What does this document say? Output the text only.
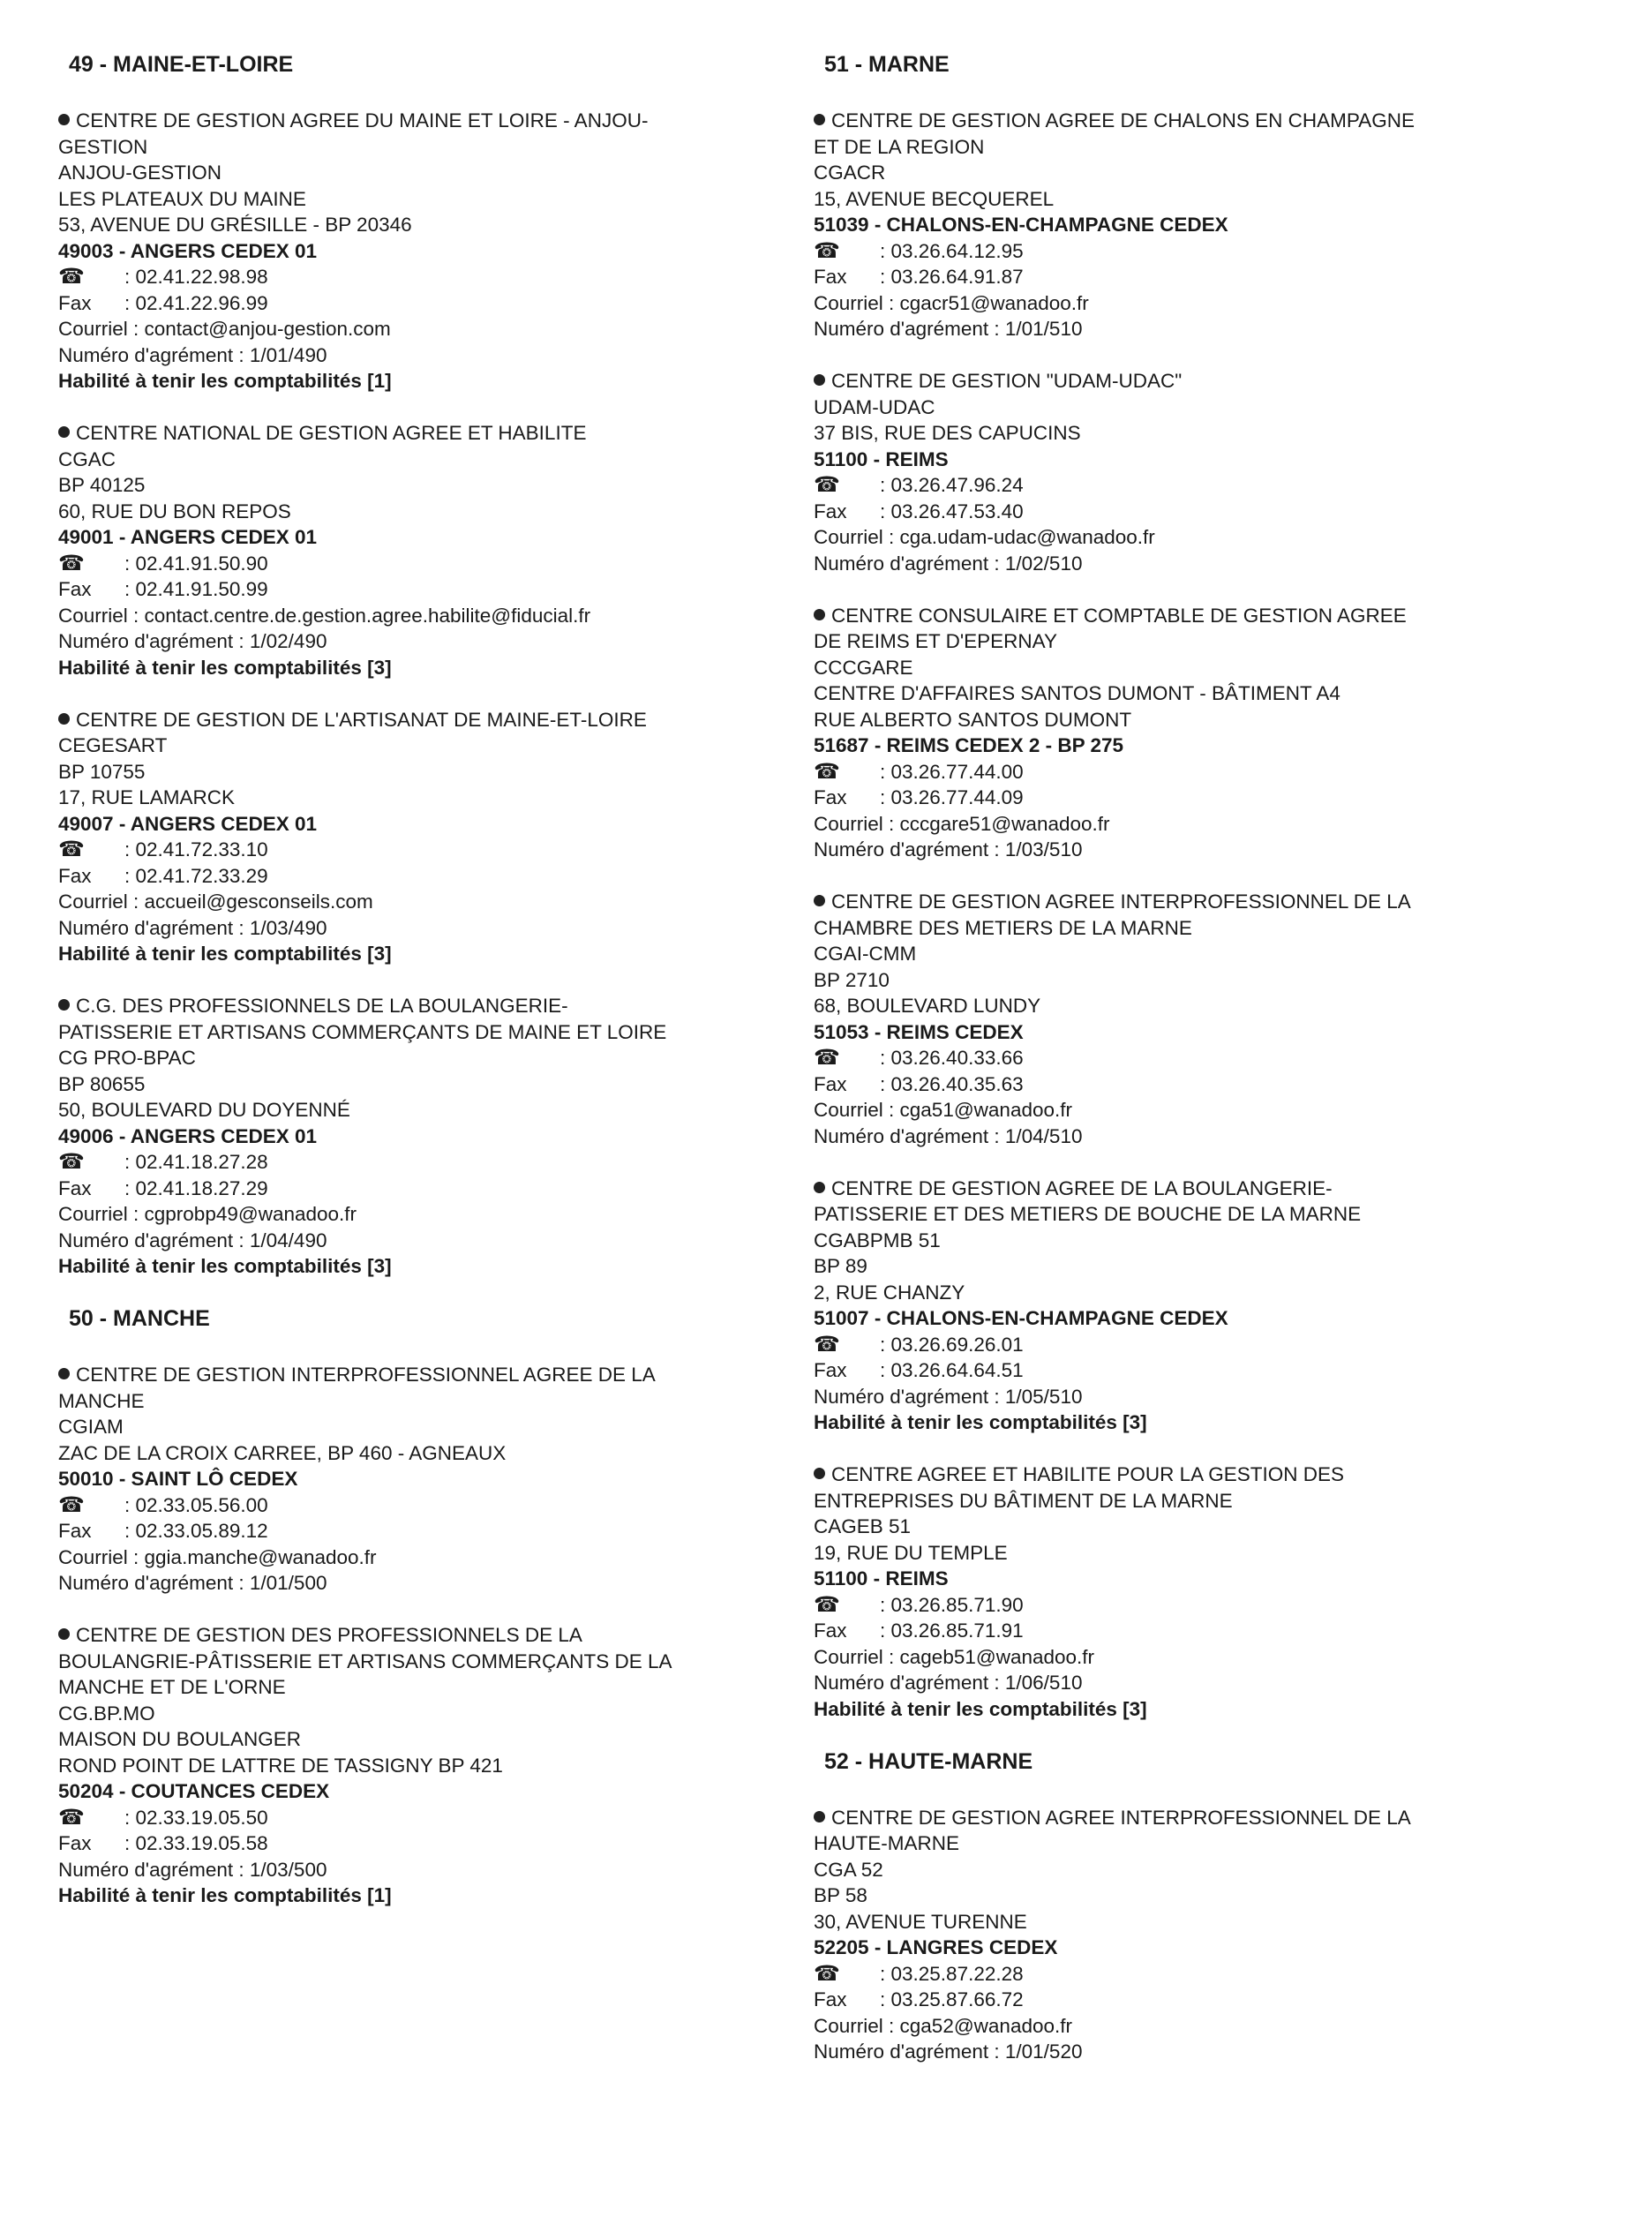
49 - MAINE-ET-LOIRE
CENTRE DE GESTION AGREE DU MAINE ET LOIRE - ANJOU-
GESTION
ANJOU-GESTION
LES PLATEAUX DU MAINE
53, AVENUE DU GRÉSILLE - BP 20346
49003 - ANGERS CEDEX 01
☎ : 02.41.22.98.98
Fax : 02.41.22.96.99
Courriel : contact@anjou-gestion.com
Numéro d'agrément : 1/01/490
Habilité à tenir les comptabilités [1]
CENTRE NATIONAL DE GESTION AGREE ET HABILITE
CGAC
BP 40125
60, RUE DU BON REPOS
49001 - ANGERS CEDEX 01
☎ : 02.41.91.50.90
Fax : 02.41.91.50.99
Courriel : contact.centre.de.gestion.agree.habilite@fiducial.fr
Numéro d'agrément : 1/02/490
Habilité à tenir les comptabilités [3]
CENTRE DE GESTION DE L'ARTISANAT DE MAINE-ET-LOIRE
CEGESART
BP 10755
17, RUE LAMARCK
49007 - ANGERS CEDEX 01
☎ : 02.41.72.33.10
Fax : 02.41.72.33.29
Courriel : accueil@gesconseils.com
Numéro d'agrément : 1/03/490
Habilité à tenir les comptabilités [3]
C.G. DES PROFESSIONNELS DE LA BOULANGERIE-
PATISSERIE ET ARTISANS COMMERÇANTS DE MAINE ET LOIRE
CG PRO-BPAC
BP 80655
50, BOULEVARD DU DOYENNÉ
49006 - ANGERS CEDEX 01
☎ : 02.41.18.27.28
Fax : 02.41.18.27.29
Courriel : cgprobp49@wanadoo.fr
Numéro d'agrément : 1/04/490
Habilité à tenir les comptabilités [3]
50 - MANCHE
CENTRE DE GESTION INTERPROFESSIONNEL AGREE DE LA
MANCHE
CGIAM
ZAC DE LA CROIX CARREE, BP 460 - AGNEAUX
50010 - SAINT LÔ CEDEX
☎ : 02.33.05.56.00
Fax : 02.33.05.89.12
Courriel : ggia.manche@wanadoo.fr
Numéro d'agrément : 1/01/500
CENTRE DE GESTION DES PROFESSIONNELS DE LA
BOULANGRIE-PÂTISSERIE ET ARTISANS COMMERÇANTS DE LA
MANCHE ET DE L'ORNE
CG.BP.MO
MAISON DU BOULANGER
ROND POINT DE LATTRE DE TASSIGNY BP 421
50204 - COUTANCES CEDEX
☎ : 02.33.19.05.50
Fax : 02.33.19.05.58
Numéro d'agrément : 1/03/500
Habilité à tenir les comptabilités [1]
51 - MARNE
CENTRE DE GESTION AGREE DE CHALONS EN CHAMPAGNE
ET DE LA REGION
CGACR
15, AVENUE BECQUEREL
51039 - CHALONS-EN-CHAMPAGNE CEDEX
☎ : 03.26.64.12.95
Fax : 03.26.64.91.87
Courriel : cgacr51@wanadoo.fr
Numéro d'agrément : 1/01/510
CENTRE DE GESTION "UDAM-UDAC"
UDAM-UDAC
37 BIS, RUE DES CAPUCINS
51100 - REIMS
☎ : 03.26.47.96.24
Fax : 03.26.47.53.40
Courriel : cga.udam-udac@wanadoo.fr
Numéro d'agrément : 1/02/510
CENTRE CONSULAIRE ET COMPTABLE DE GESTION AGREE
DE REIMS ET D'EPERNAY
CCCGARE
CENTRE D'AFFAIRES SANTOS DUMONT - BÂTIMENT A4
RUE ALBERTO SANTOS DUMONT
51687 - REIMS CEDEX 2 - BP 275
☎ : 03.26.77.44.00
Fax : 03.26.77.44.09
Courriel : cccgare51@wanadoo.fr
Numéro d'agrément : 1/03/510
CENTRE DE GESTION AGREE INTERPROFESSIONNEL DE LA
CHAMBRE DES METIERS DE LA MARNE
CGAI-CMM
BP 2710
68, BOULEVARD LUNDY
51053 - REIMS CEDEX
☎ : 03.26.40.33.66
Fax : 03.26.40.35.63
Courriel : cga51@wanadoo.fr
Numéro d'agrément : 1/04/510
CENTRE DE GESTION AGREE DE LA BOULANGERIE-
PATISSERIE ET DES METIERS DE BOUCHE DE LA MARNE
CGABPMB 51
BP 89
2, RUE CHANZY
51007 - CHALONS-EN-CHAMPAGNE CEDEX
☎ : 03.26.69.26.01
Fax : 03.26.64.64.51
Numéro d'agrément : 1/05/510
Habilité à tenir les comptabilités [3]
CENTRE AGREE ET HABILITE POUR LA GESTION DES
ENTREPRISES DU BÂTIMENT DE LA MARNE
CAGEB 51
19, RUE DU TEMPLE
51100 - REIMS
☎ : 03.26.85.71.90
Fax : 03.26.85.71.91
Courriel : cageb51@wanadoo.fr
Numéro d'agrément : 1/06/510
Habilité à tenir les comptabilités [3]
52 - HAUTE-MARNE
CENTRE DE GESTION AGREE INTERPROFESSIONNEL DE LA
HAUTE-MARNE
CGA 52
BP 58
30, AVENUE TURENNE
52205 - LANGRES CEDEX
☎ : 03.25.87.22.28
Fax : 03.25.87.66.72
Courriel : cga52@wanadoo.fr
Numéro d'agrément : 1/01/520
